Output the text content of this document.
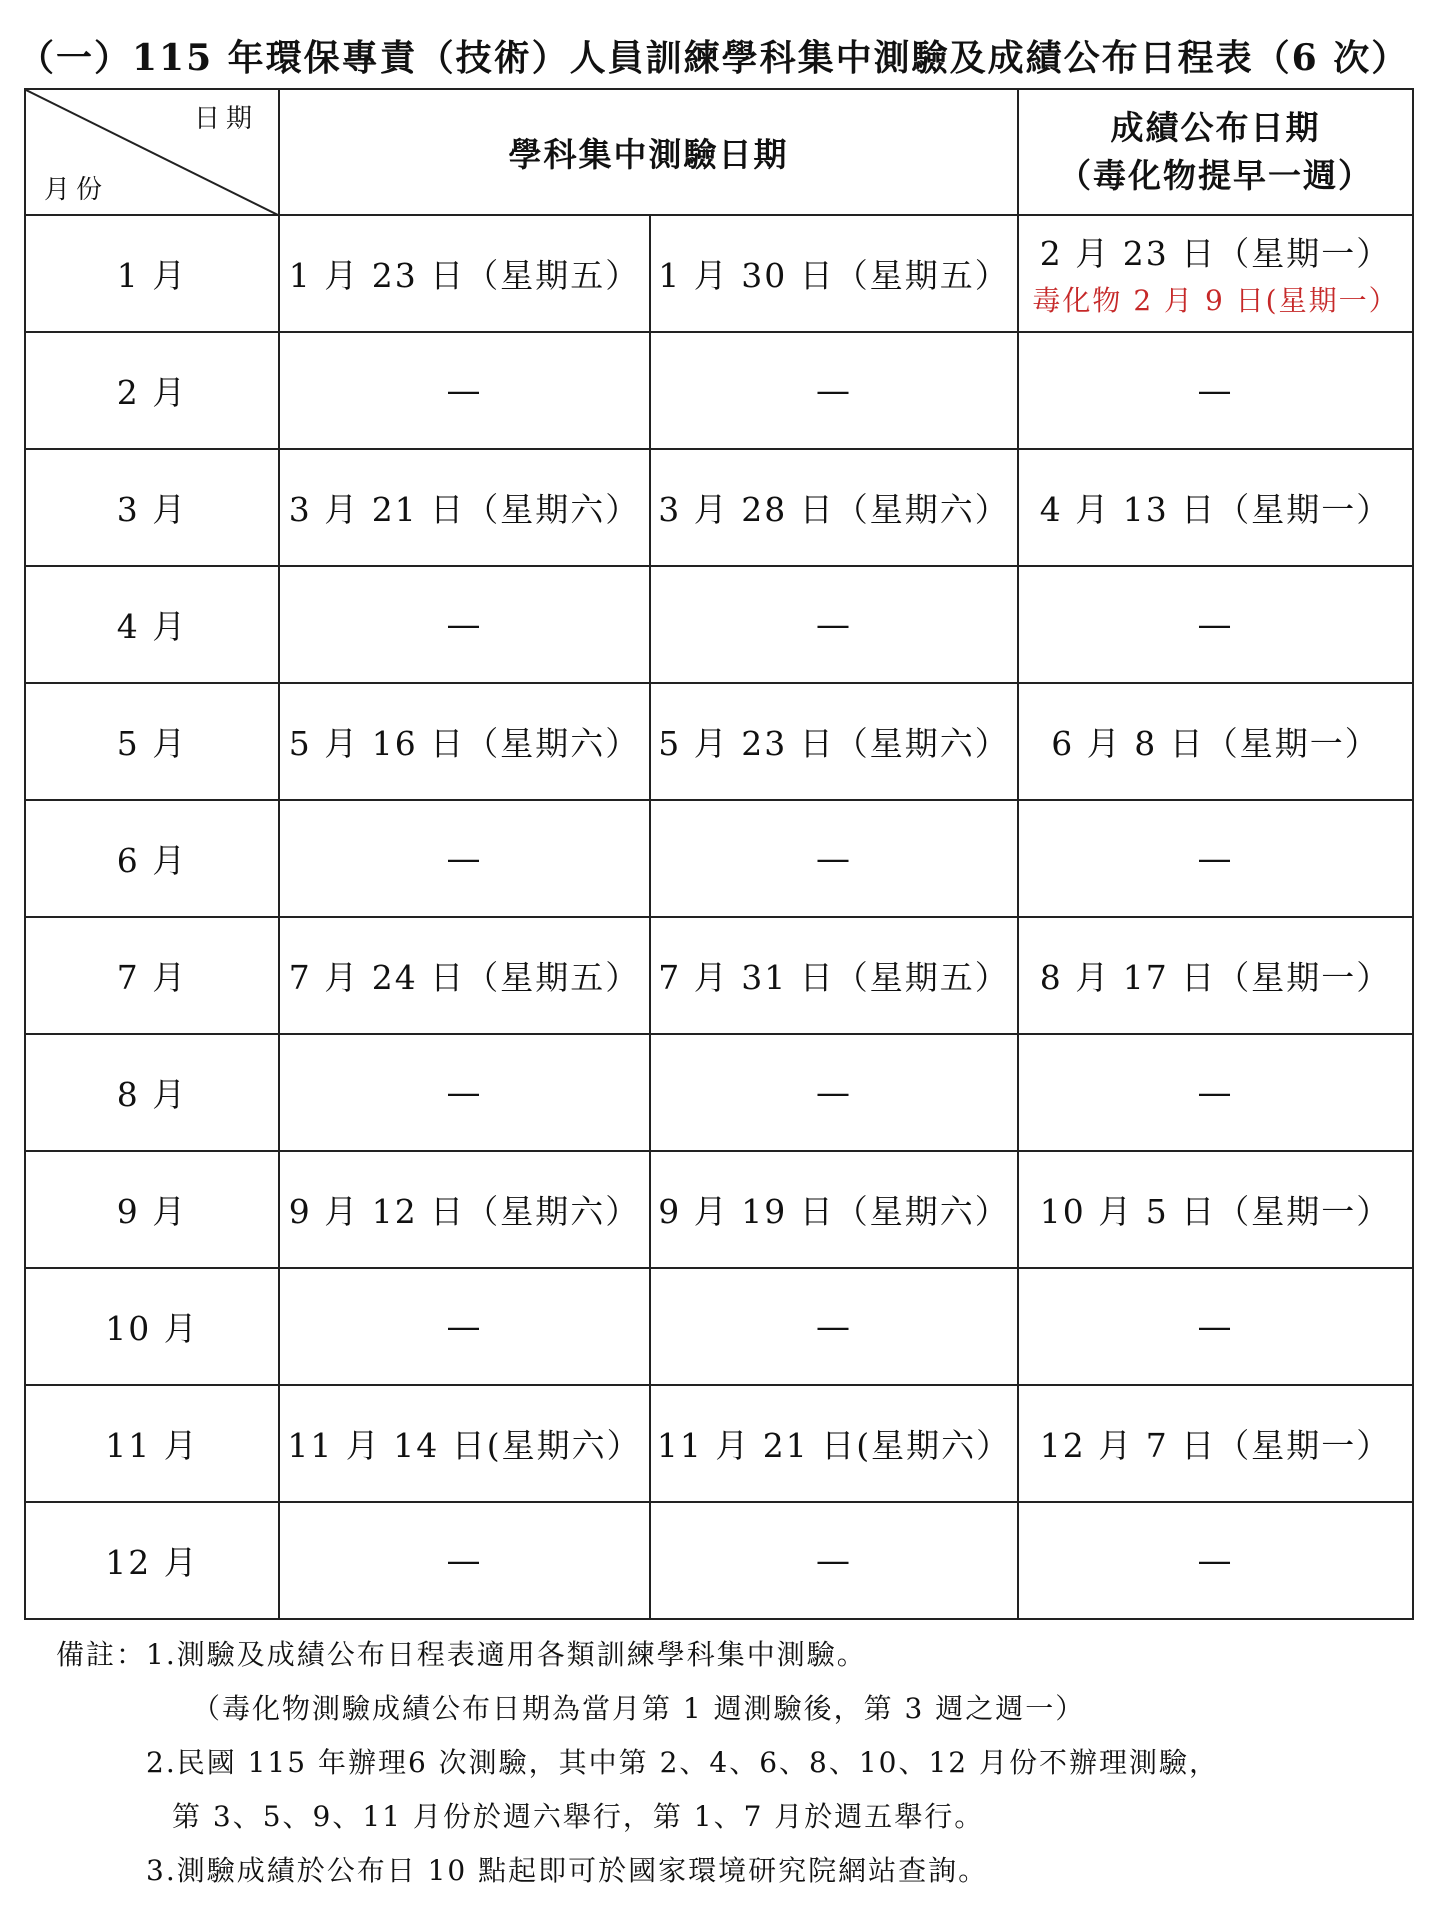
（一）115 年環保專責（技術）人員訓練學科集中測驗及成績公布日程表（6 次）
日期
月份	學科集中測驗日期		成績公布日期
（毒化物提早一週）

1 月	1 月 23 日（星期五）	1 月 30 日（星期五）	2 月 23 日（星期一）
毒化物 2 月 9 日(星期一）

2 月	—	—	—
3 月	3 月 21 日（星期六）	3 月 28 日（星期六）	4 月 13 日（星期一）
4 月	—	—	—
5 月	5 月 16 日（星期六）	5 月 23 日（星期六）	6 月 8 日（星期一）
6 月	—	—	—
7 月	7 月 24 日（星期五）	7 月 31 日（星期五）	8 月 17 日（星期一）
8 月	—	—	—
9 月	9 月 12 日（星期六）	9 月 19 日（星期六）	10 月 5 日（星期一）
10 月	—	—	—
11 月	11 月 14 日(星期六）	11 月 21 日(星期六）	12 月 7 日（星期一）
12 月	—	—	—
備註：1.測驗及成績公布日程表適用各類訓練學科集中測驗。
（毒化物測驗成績公布日期為當月第 1 週測驗後，第 3 週之週一）
2.民國 115 年辦理6 次測驗，其中第 2、4、6、8、10、12 月份不辦理測驗，
第 3、5、9、11 月份於週六舉行，第 1、7 月於週五舉行。
3.測驗成績於公布日 10 點起即可於國家環境研究院網站查詢。
